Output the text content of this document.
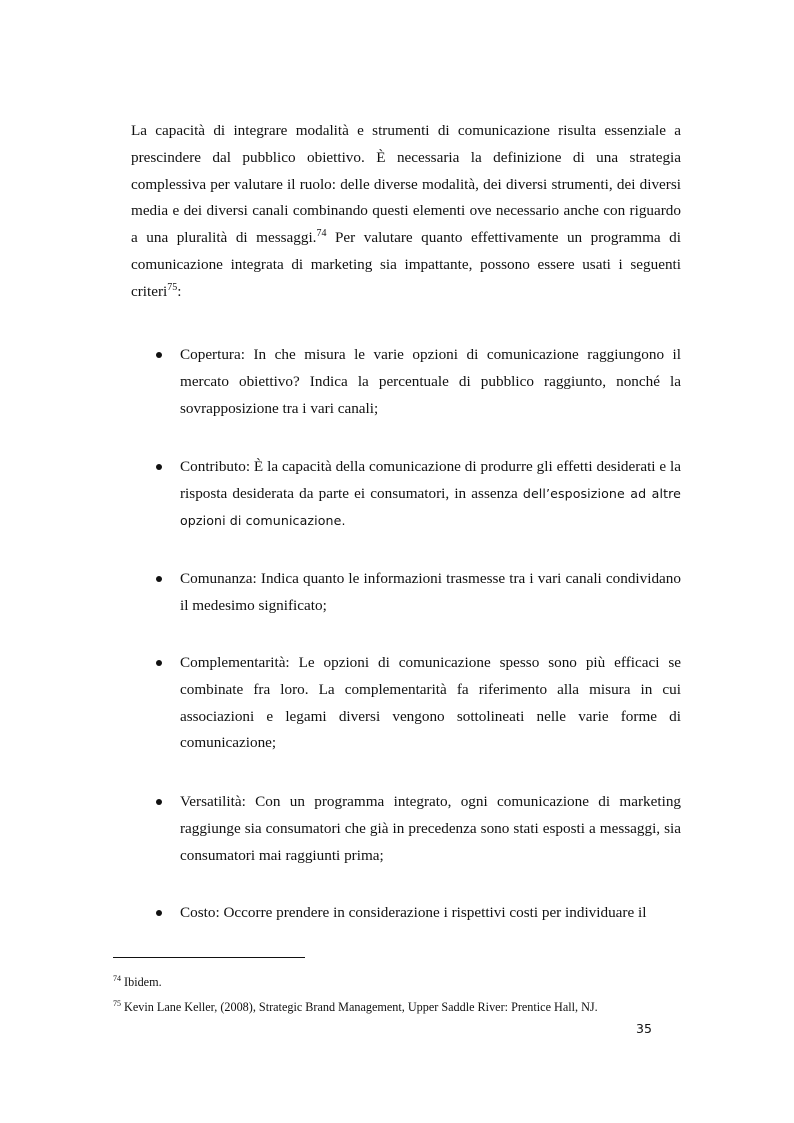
La capacità di integrare modalità e strumenti di comunicazione risulta essenziale a prescindere dal pubblico obiettivo. È necessaria la definizione di una strategia complessiva per valutare il ruolo: delle diverse modalità, dei diversi strumenti, dei diversi media e dei diversi canali combinando questi elementi ove necessario anche con riguardo a una pluralità di messaggi.$^{74}$ Per valutare quanto effettivamente un programma di comunicazione integrata di marketing sia impattante, possono essere usati i seguenti criteri$^{75}$:

Copertura: In che misura le varie opzioni di comunicazione raggiungono il mercato obiettivo? Indica la percentuale di pubblico raggiunto, nonché la sovrapposizione tra i vari canali;

Contributo: È la capacità della comunicazione di produrre gli effetti desiderati e la risposta desiderata da parte ei consumatori, in assenza dell’esposizione ad altre opzioni di comunicazione.

Comunanza: Indica quanto le informazioni trasmesse tra i vari canali condividano il medesimo significato;

Complementarità: Le opzioni di comunicazione spesso sono più efficaci se combinate fra loro. La complementarità fa riferimento alla misura in cui associazioni e legami diversi vengono sottolineati nelle varie forme di comunicazione;

Versatilità: Con un programma integrato, ogni comunicazione di marketing raggiunge sia consumatori che già in precedenza sono stati esposti a messaggi, sia consumatori mai raggiunti prima;

Costo: Occorre prendere in considerazione i rispettivi costi per individuare il

$^{74}$ Ibidem.

$^{75}$ Kevin Lane Keller, (2008), Strategic Brand Management, Upper Saddle River: Prentice Hall, NJ.

35
